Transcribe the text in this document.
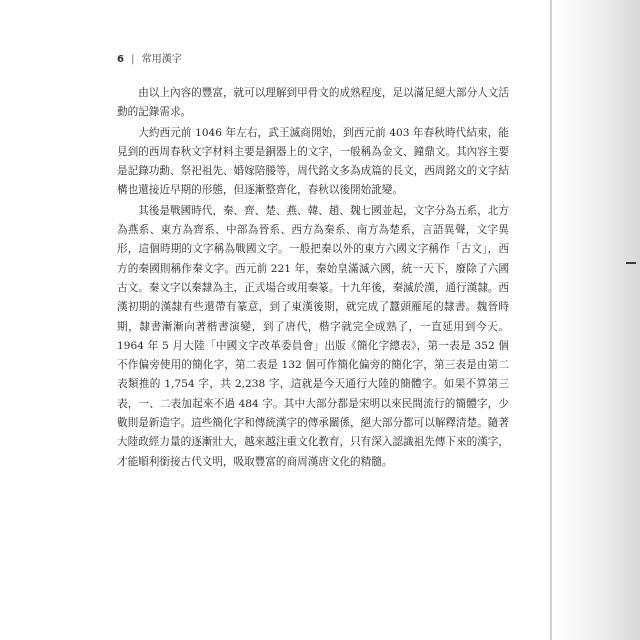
6 | 常用漢字

由以上內容的豐富，就可以理解到甲骨文的成熟程度，足以滿足絕大部分人文活動的記錄需求。

大約西元前 1046 年左右，武王滅商開始，到西元前 403 年春秋時代結束，能見到的西周春秋文字材料主要是銅器上的文字，一般稱為金文、鐘鼎文。其內容主要是記錄功勳、祭祀祖先、婚嫁陪媵等，周代銘文多為成篇的長文，西周銘文的文字結構也還接近早期的形態，但逐漸整齊化，春秋以後開始訛變。

其後是戰國時代，秦、齊、楚、燕、韓、趙、魏七國並起，文字分為五系，北方為燕系、東方為齊系、中部為晉系、西方為秦系、南方為楚系，言語異聲，文字異形，這個時期的文字稱為戰國文字。一般把秦以外的東方六國文字稱作「古文」，西方的秦國則稱作秦文字。西元前 221 年，秦始皇滿滅六國，統一天下，廢除了六國古文。秦文字以秦隸為主，正式場合或用秦篆。十九年後，秦滅於漢，通行漢隸。西漢初期的漢隸有些還帶有篆意，到了東漢後期，就完成了蠶頭雁尾的隸書。魏晉時期，隸書漸漸向著楷書演變，到了唐代，楷字就完全成熟了，一直延用到今天。1964 年 5 月大陸「中國文字改革委員會」出版《簡化字總表》，第一表是 352 個不作偏旁使用的簡化字，第二表是 132 個可作簡化偏旁的簡化字，第三表是由第二表類推的 1,754 字，共 2,238 字，這就是今天通行大陸的簡體字。如果不算第三表，一、二表加起來不過 484 字。其中大部分都是宋明以來民間流行的簡體字，少數則是新造字。這些簡化字和傳統漢字的傳承關係，絕大部分都可以解釋清楚。隨著大陸政經力量的逐漸壯大，越來越注重文化教育，只有深入認識祖先傳下來的漢字，才能順利銜接古代文明，吸取豐富的商周漢唐文化的精髓。
